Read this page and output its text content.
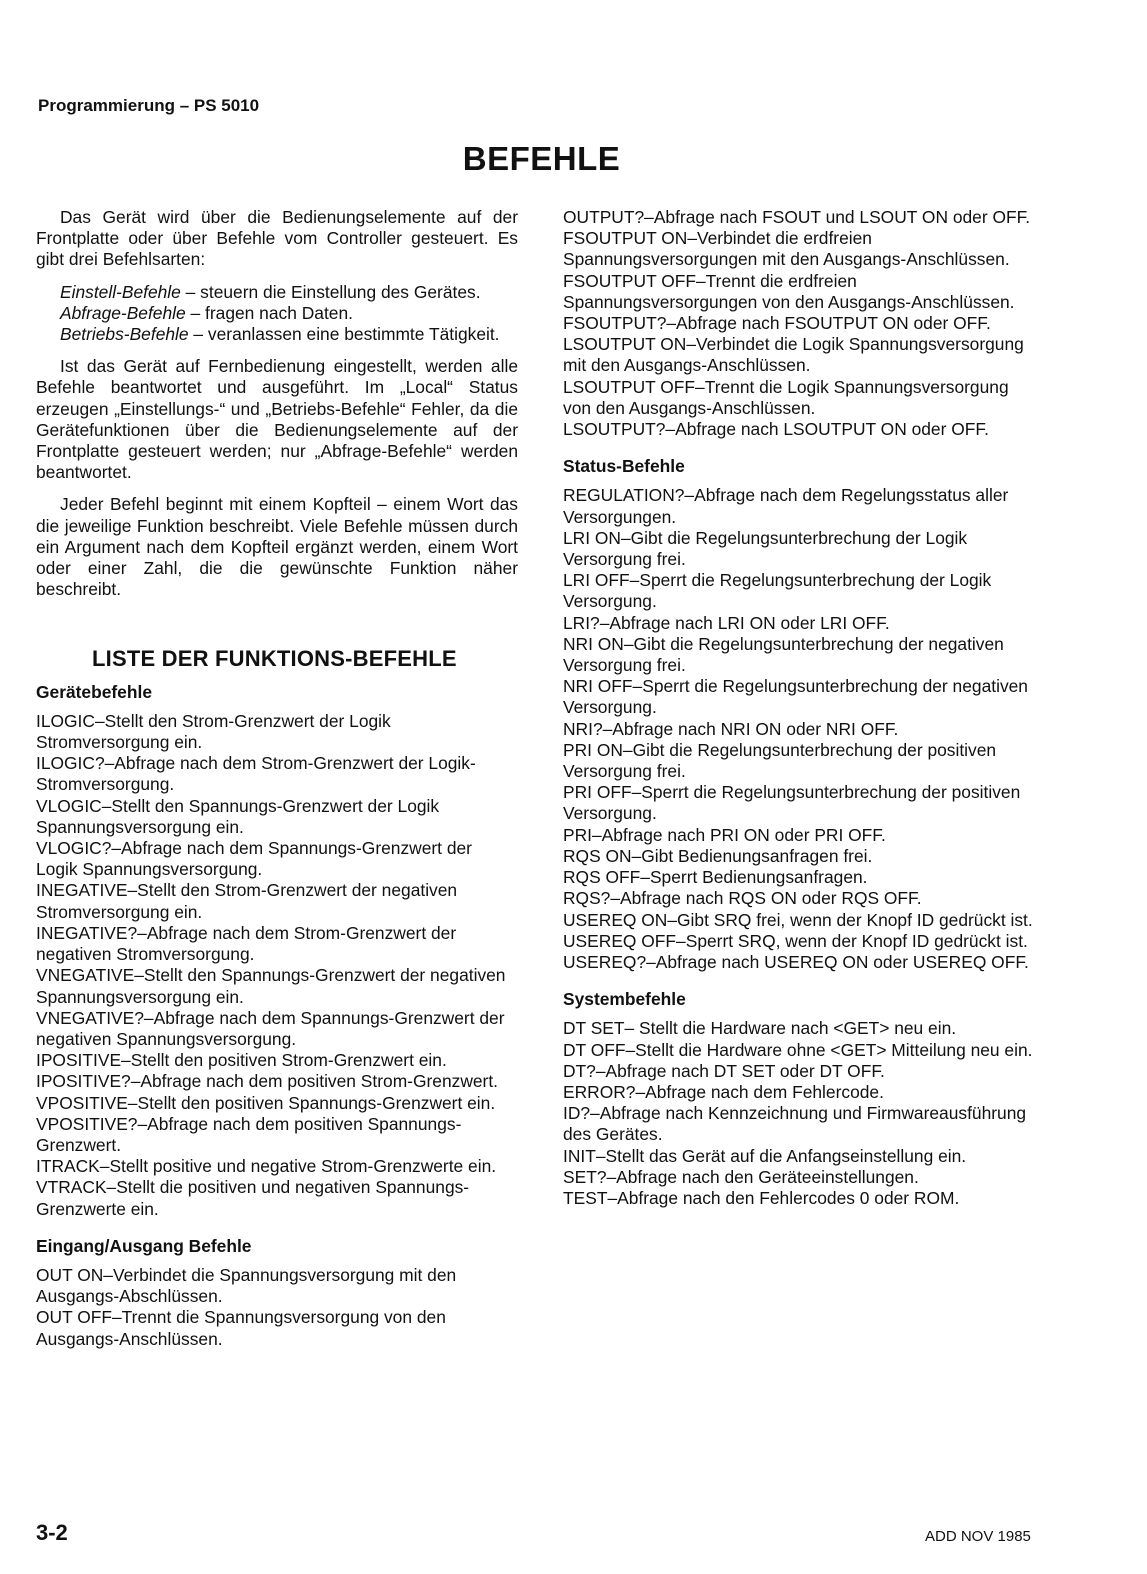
Programmierung – PS 5010
BEFEHLE
Das Gerät wird über die Bedienungselemente auf der Frontplatte oder über Befehle vom Controller gesteuert. Es gibt drei Befehlsarten:

Einstell-Befehle – steuern die Einstellung des Gerätes.

Abfrage-Befehle – fragen nach Daten.

Betriebs-Befehle – veranlassen eine bestimmte Tätigkeit.

Ist das Gerät auf Fernbedienung eingestellt, werden alle Befehle beantwortet und ausgeführt. Im „Local“ Status erzeugen „Einstellungs-“ und „Betriebs-Befehle“ Fehler, da die Gerätefunktionen über die Bedienungselemente auf der Frontplatte gesteuert werden; nur „Abfrage-Befehle“ werden beantwortet.
Jeder Befehl beginnt mit einem Kopfteil – einem Wort das die jeweilige Funktion beschreibt. Viele Befehle müssen durch ein Argument nach dem Kopfteil ergänzt werden, einem Wort oder einer Zahl, die die gewünschte Funktion näher beschreibt.
LISTE DER FUNKTIONS-BEFEHLE
Gerätebefehle
ILOGIC–Stellt den Strom-Grenzwert der Logik Stromversorgung ein.
ILOGIC?–Abfrage nach dem Strom-Grenzwert der Logik-Stromversorgung.
VLOGIC–Stellt den Spannungs-Grenzwert der Logik Spannungsversorgung ein.
VLOGIC?–Abfrage nach dem Spannungs-Grenzwert der Logik Spannungsversorgung.
INEGATIVE–Stellt den Strom-Grenzwert der negativen Stromversorgung ein.
INEGATIVE?–Abfrage nach dem Strom-Grenzwert der negativen Stromversorgung.
VNEGATIVE–Stellt den Spannungs-Grenzwert der negativen Spannungsversorgung ein.
VNEGATIVE?–Abfrage nach dem Spannungs-Grenzwert der negativen Spannungsversorgung.
IPOSITIVE–Stellt den positiven Strom-Grenzwert ein.
IPOSITIVE?–Abfrage nach dem positiven Strom-Grenzwert.
VPOSITIVE–Stellt den positiven Spannungs-Grenzwert ein.
VPOSITIVE?–Abfrage nach dem positiven Spannungs-Grenzwert.
ITRACK–Stellt positive und negative Strom-Grenzwerte ein.
VTRACK–Stellt die positiven und negativen Spannungs-Grenzwerte ein.
Eingang/Ausgang Befehle
OUT ON–Verbindet die Spannungsversorgung mit den Ausgangs-Abschlüssen.
OUT OFF–Trennt die Spannungsversorgung von den Ausgangs-Anschlüssen.
OUTPUT?–Abfrage nach FSOUT und LSOUT ON oder OFF.
FSOUTPUT ON–Verbindet die erdfreien Spannungsversorgungen mit den Ausgangs-Anschlüssen.
FSOUTPUT OFF–Trennt die erdfreien Spannungsversorgungen von den Ausgangs-Anschlüssen.
FSOUTPUT?–Abfrage nach FSOUTPUT ON oder OFF.
LSOUTPUT ON–Verbindet die Logik Spannungsversorgung mit den Ausgangs-Anschlüssen.
LSOUTPUT OFF–Trennt die Logik Spannungsversorgung von den Ausgangs-Anschlüssen.
LSOUTPUT?–Abfrage nach LSOUTPUT ON oder OFF.
Status-Befehle
REGULATION?–Abfrage nach dem Regelungsstatus aller Versorgungen.
LRI ON–Gibt die Regelungsunterbrechung der Logik Versorgung frei.
LRI OFF–Sperrt die Regelungsunterbrechung der Logik Versorgung.
LRI?–Abfrage nach LRI ON oder LRI OFF.
NRI ON–Gibt die Regelungsunterbrechung der negativen Versorgung frei.
NRI OFF–Sperrt die Regelungsunterbrechung der negativen Versorgung.
NRI?–Abfrage nach NRI ON oder NRI OFF.
PRI ON–Gibt die Regelungsunterbrechung der positiven Versorgung frei.
PRI OFF–Sperrt die Regelungsunterbrechung der positiven Versorgung.
PRI–Abfrage nach PRI ON oder PRI OFF.
RQS ON–Gibt Bedienungsanfragen frei.
RQS OFF–Sperrt Bedienungsanfragen.
RQS?–Abfrage nach RQS ON oder RQS OFF.
USEREQ ON–Gibt SRQ frei, wenn der Knopf ID gedrückt ist.
USEREQ OFF–Sperrt SRQ, wenn der Knopf ID gedrückt ist.
USEREQ?–Abfrage nach USEREQ ON oder USEREQ OFF.
Systembefehle
DT SET– Stellt die Hardware nach <GET> neu ein.
DT OFF–Stellt die Hardware ohne <GET> Mitteilung neu ein.
DT?–Abfrage nach DT SET oder DT OFF.
ERROR?–Abfrage nach dem Fehlercode.
ID?–Abfrage nach Kennzeichnung und Firmwareausführung des Gerätes.
INIT–Stellt das Gerät auf die Anfangseinstellung ein.
SET?–Abfrage nach den Geräteeinstellungen.
TEST–Abfrage nach den Fehlercodes 0 oder ROM.
3-2	ADD NOV 1985
